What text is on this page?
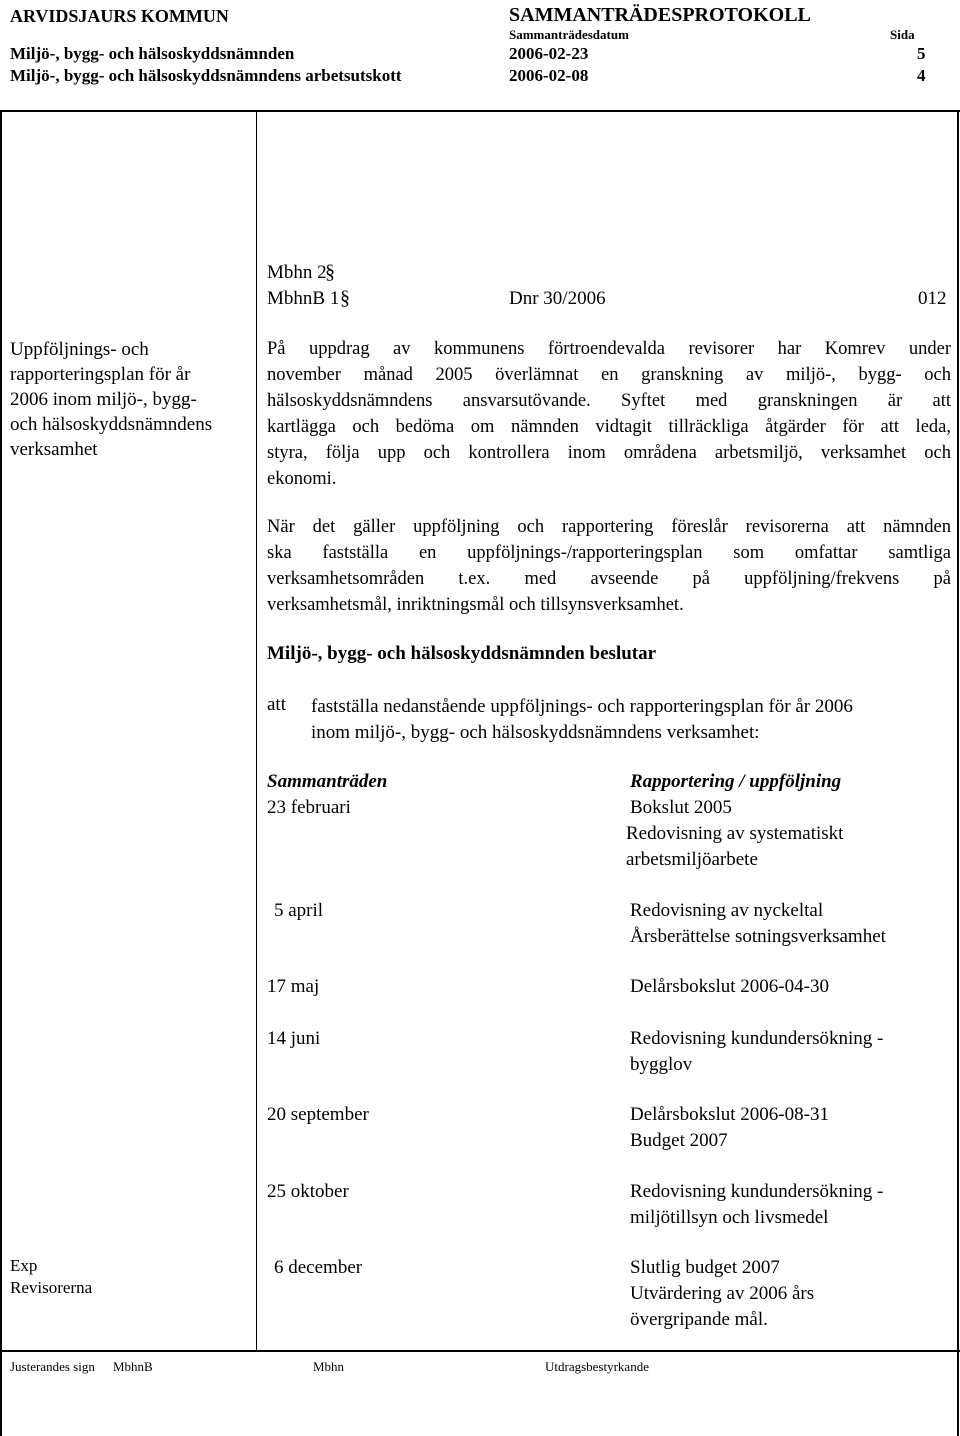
ARVIDSJAURS KOMMUN	SAMMANTRÄDESPROTOKOLL
Sammanträdesdatum	Sida
Miljö-, bygg- och hälsoskyddsnämnden	2006-02-23	5
Miljö-, bygg- och hälsoskyddsnämndens arbetsutskott	2006-02-08	4
Mbhn 2
MbhnB 1
§
§	Dnr 30/2006	012
Uppföljnings- och
rapporteringsplan för år
2006 inom miljö-, bygg-
och hälsoskyddsnämndens
verksamhet
På uppdrag av kommunens förtroendevalda revisorer har Komrev under
november månad 2005 överlämnat en granskning av miljö-, bygg- och
hälsoskyddsnämndens ansvarsutövande. Syftet med granskningen är att
kartlägga och bedöma om nämnden vidtagit tillräckliga åtgärder för att leda,
styra, följa upp och kontrollera inom områdena arbetsmiljö, verksamhet och
ekonomi.
När det gäller uppföljning och rapportering föreslår revisorerna att nämnden
ska fastställa en uppföljnings-/rapporteringsplan som omfattar samtliga
verksamhetsområden t.ex. med avseende på uppföljning/frekvens på
verksamhetsmål, inriktningsmål och tillsynsverksamhet.
Miljö-, bygg- och hälsoskyddsnämnden beslutar
att fastställa nedanstående uppföljnings- och rapporteringsplan för år 2006
inom miljö-, bygg- och hälsoskyddsnämndens verksamhet:
Sammanträden	Rapportering / uppföljning
23 februari	Bokslut 2005
Redovisning av systematiskt
arbetsmiljöarbete
5 april	Redovisning av nyckeltal
Årsberättelse sotningsverksamhet
17 maj	Delårsbokslut 2006-04-30
14 juni	Redovisning kundundersökning -
bygglov
20 september	Delårsbokslut 2006-08-31
Budget 2007
25 oktober	Redovisning kundundersökning -
miljötillsyn och livsmedel
6 december	Slutlig budget 2007
Utvärdering av 2006 års
övergripande mål.
Exp
Revisorerna
Justerandes sign MbhnB	Mbhn	Utdragsbestyrkande
